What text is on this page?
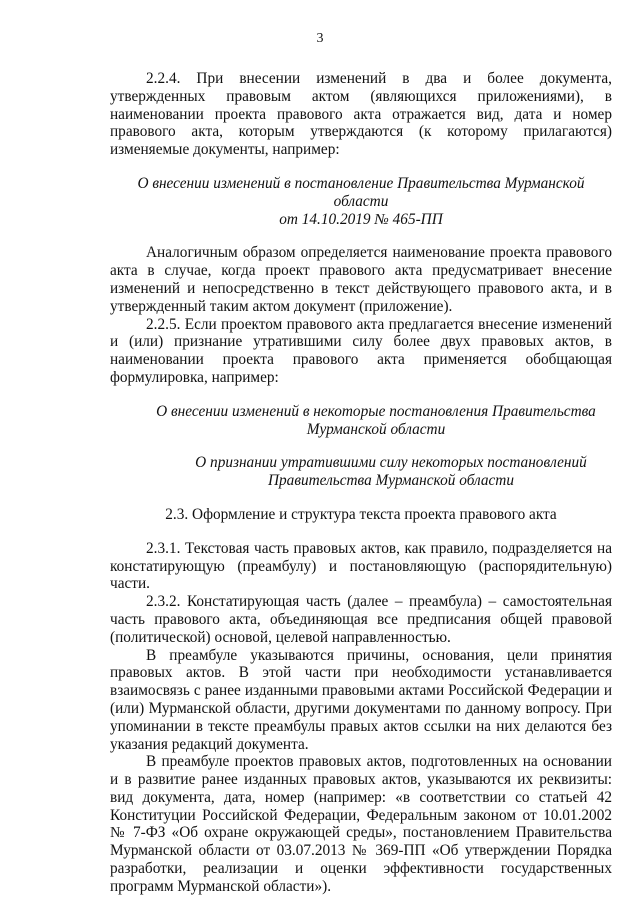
3

2.2.4. При внесении изменений в два и более документа, утвержденных правовым актом (являющихся приложениями), в наименовании проекта правового акта отражается вид, дата и номер правового акта, которым утверждаются (к которому прилагаются) изменяемые документы, например:

О внесении изменений в постановление Правительства Мурманской области
от 14.10.2019 № 465-ПП

Аналогичным образом определяется наименование проекта правового акта в случае, когда проект правового акта предусматривает внесение изменений и непосредственно в текст действующего правового акта, и в утвержденный таким актом документ (приложение).

2.2.5. Если проектом правового акта предлагается внесение изменений и (или) признание утратившими силу более двух правовых актов, в наименовании проекта правового акта применяется обобщающая формулировка, например:

О внесении изменений в некоторые постановления Правительства
Мурманской области
О признании утратившими силу некоторых постановлений
Правительства Мурманской области

2.3. Оформление и структура текста проекта правового акта

2.3.1. Текстовая часть правовых актов, как правило, подразделяется на констатирующую (преамбулу) и постановляющую (распорядительную) части.

2.3.2. Констатирующая часть (далее – преамбула) – самостоятельная часть правового акта, объединяющая все предписания общей правовой (политической) основой, целевой направленностью.

В преамбуле указываются причины, основания, цели принятия правовых актов. В этой части при необходимости устанавливается взаимосвязь с ранее изданными правовыми актами Российской Федерации и (или) Мурманской области, другими документами по данному вопросу. При упоминании в тексте преамбулы правых актов ссылки на них делаются без указания редакций документа.

В преамбуле проектов правовых актов, подготовленных на основании и в развитие ранее изданных правовых актов, указываются их реквизиты: вид документа, дата, номер (например: «в соответствии со статьей 42 Конституции Российской Федерации, Федеральным законом от 10.01.2002 № 7-ФЗ «Об охране окружающей среды», постановлением Правительства Мурманской области от 03.07.2013 № 369-ПП «Об утверждении Порядка разработки, реализации и оценки эффективности государственных программ Мурманской области»).
